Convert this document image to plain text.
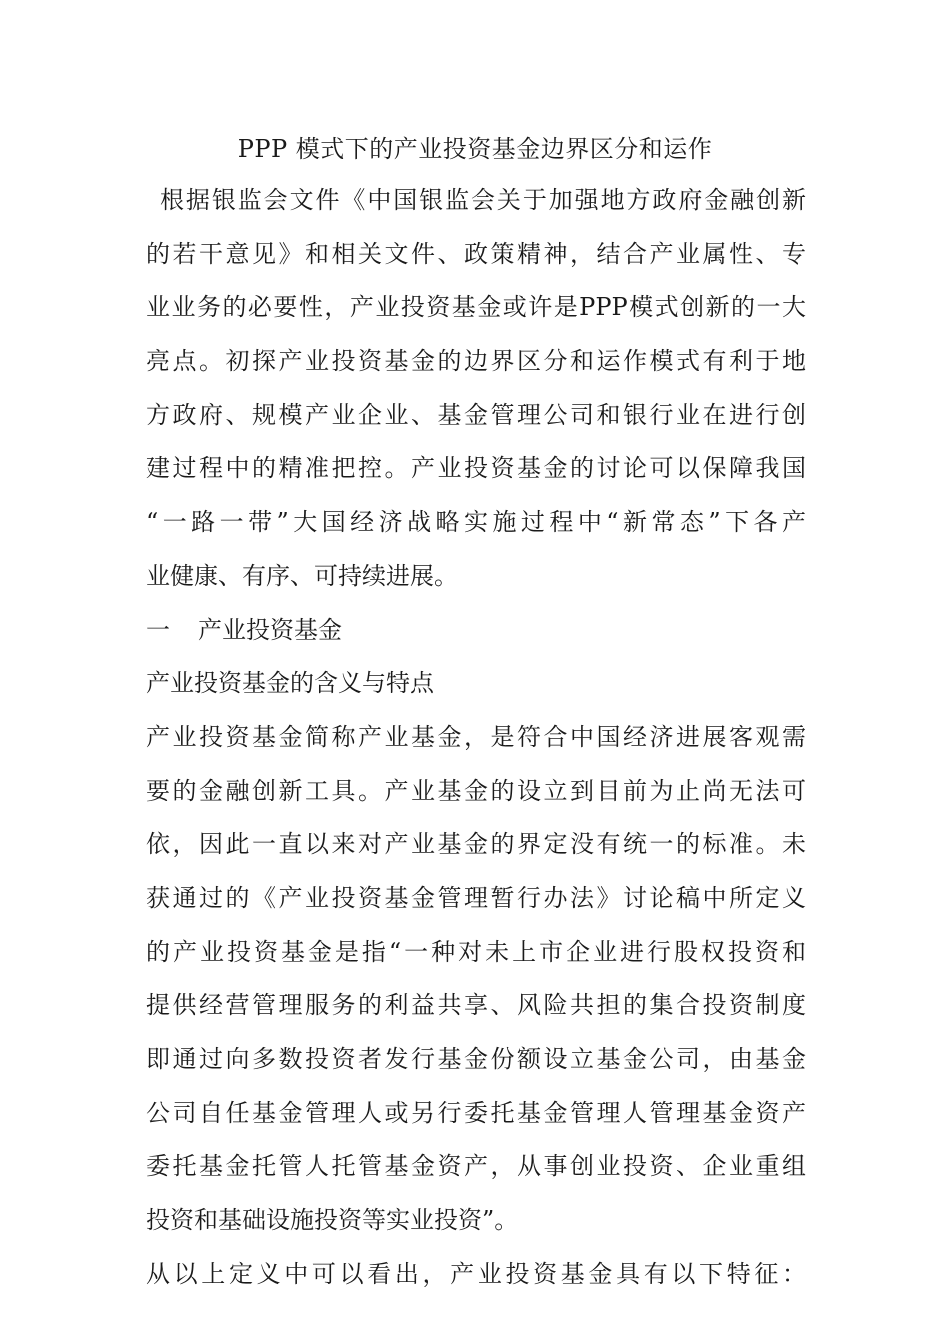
PPP 模式下的产业投资基金边界区分和运作
根据银监会文件《中国银监会关于加强地方政府金融创新
的若干意见》和相关文件、政策精神，结合产业属性、专
业业务的必要性，产业投资基金或许是PPP模式创新的一大
亮点。初探产业投资基金的边界区分和运作模式有利于地
方政府、规模产业企业、基金管理公司和银行业在进行创
建过程中的精准把控。产业投资基金的讨论可以保障我国
“一路一带”大国经济战略实施过程中“新常态”下各产
业健康、有序、可持续进展。
一 产业投资基金
产业投资基金的含义与特点
产业投资基金简称产业基金，是符合中国经济进展客观需
要的金融创新工具。产业基金的设立到目前为止尚无法可
依，因此一直以来对产业基金的界定没有统一的标准。未
获通过的《产业投资基金管理暂行办法》讨论稿中所定义
的产业投资基金是指“一种对未上市企业进行股权投资和
提供经营管理服务的利益共享、风险共担的集合投资制度
即通过向多数投资者发行基金份额设立基金公司，由基金
公司自任基金管理人或另行委托基金管理人管理基金资产
委托基金托管人托管基金资产，从事创业投资、企业重组
投资和基础设施投资等实业投资”。
从以上定义中可以看出，产业投资基金具有以下特征：
